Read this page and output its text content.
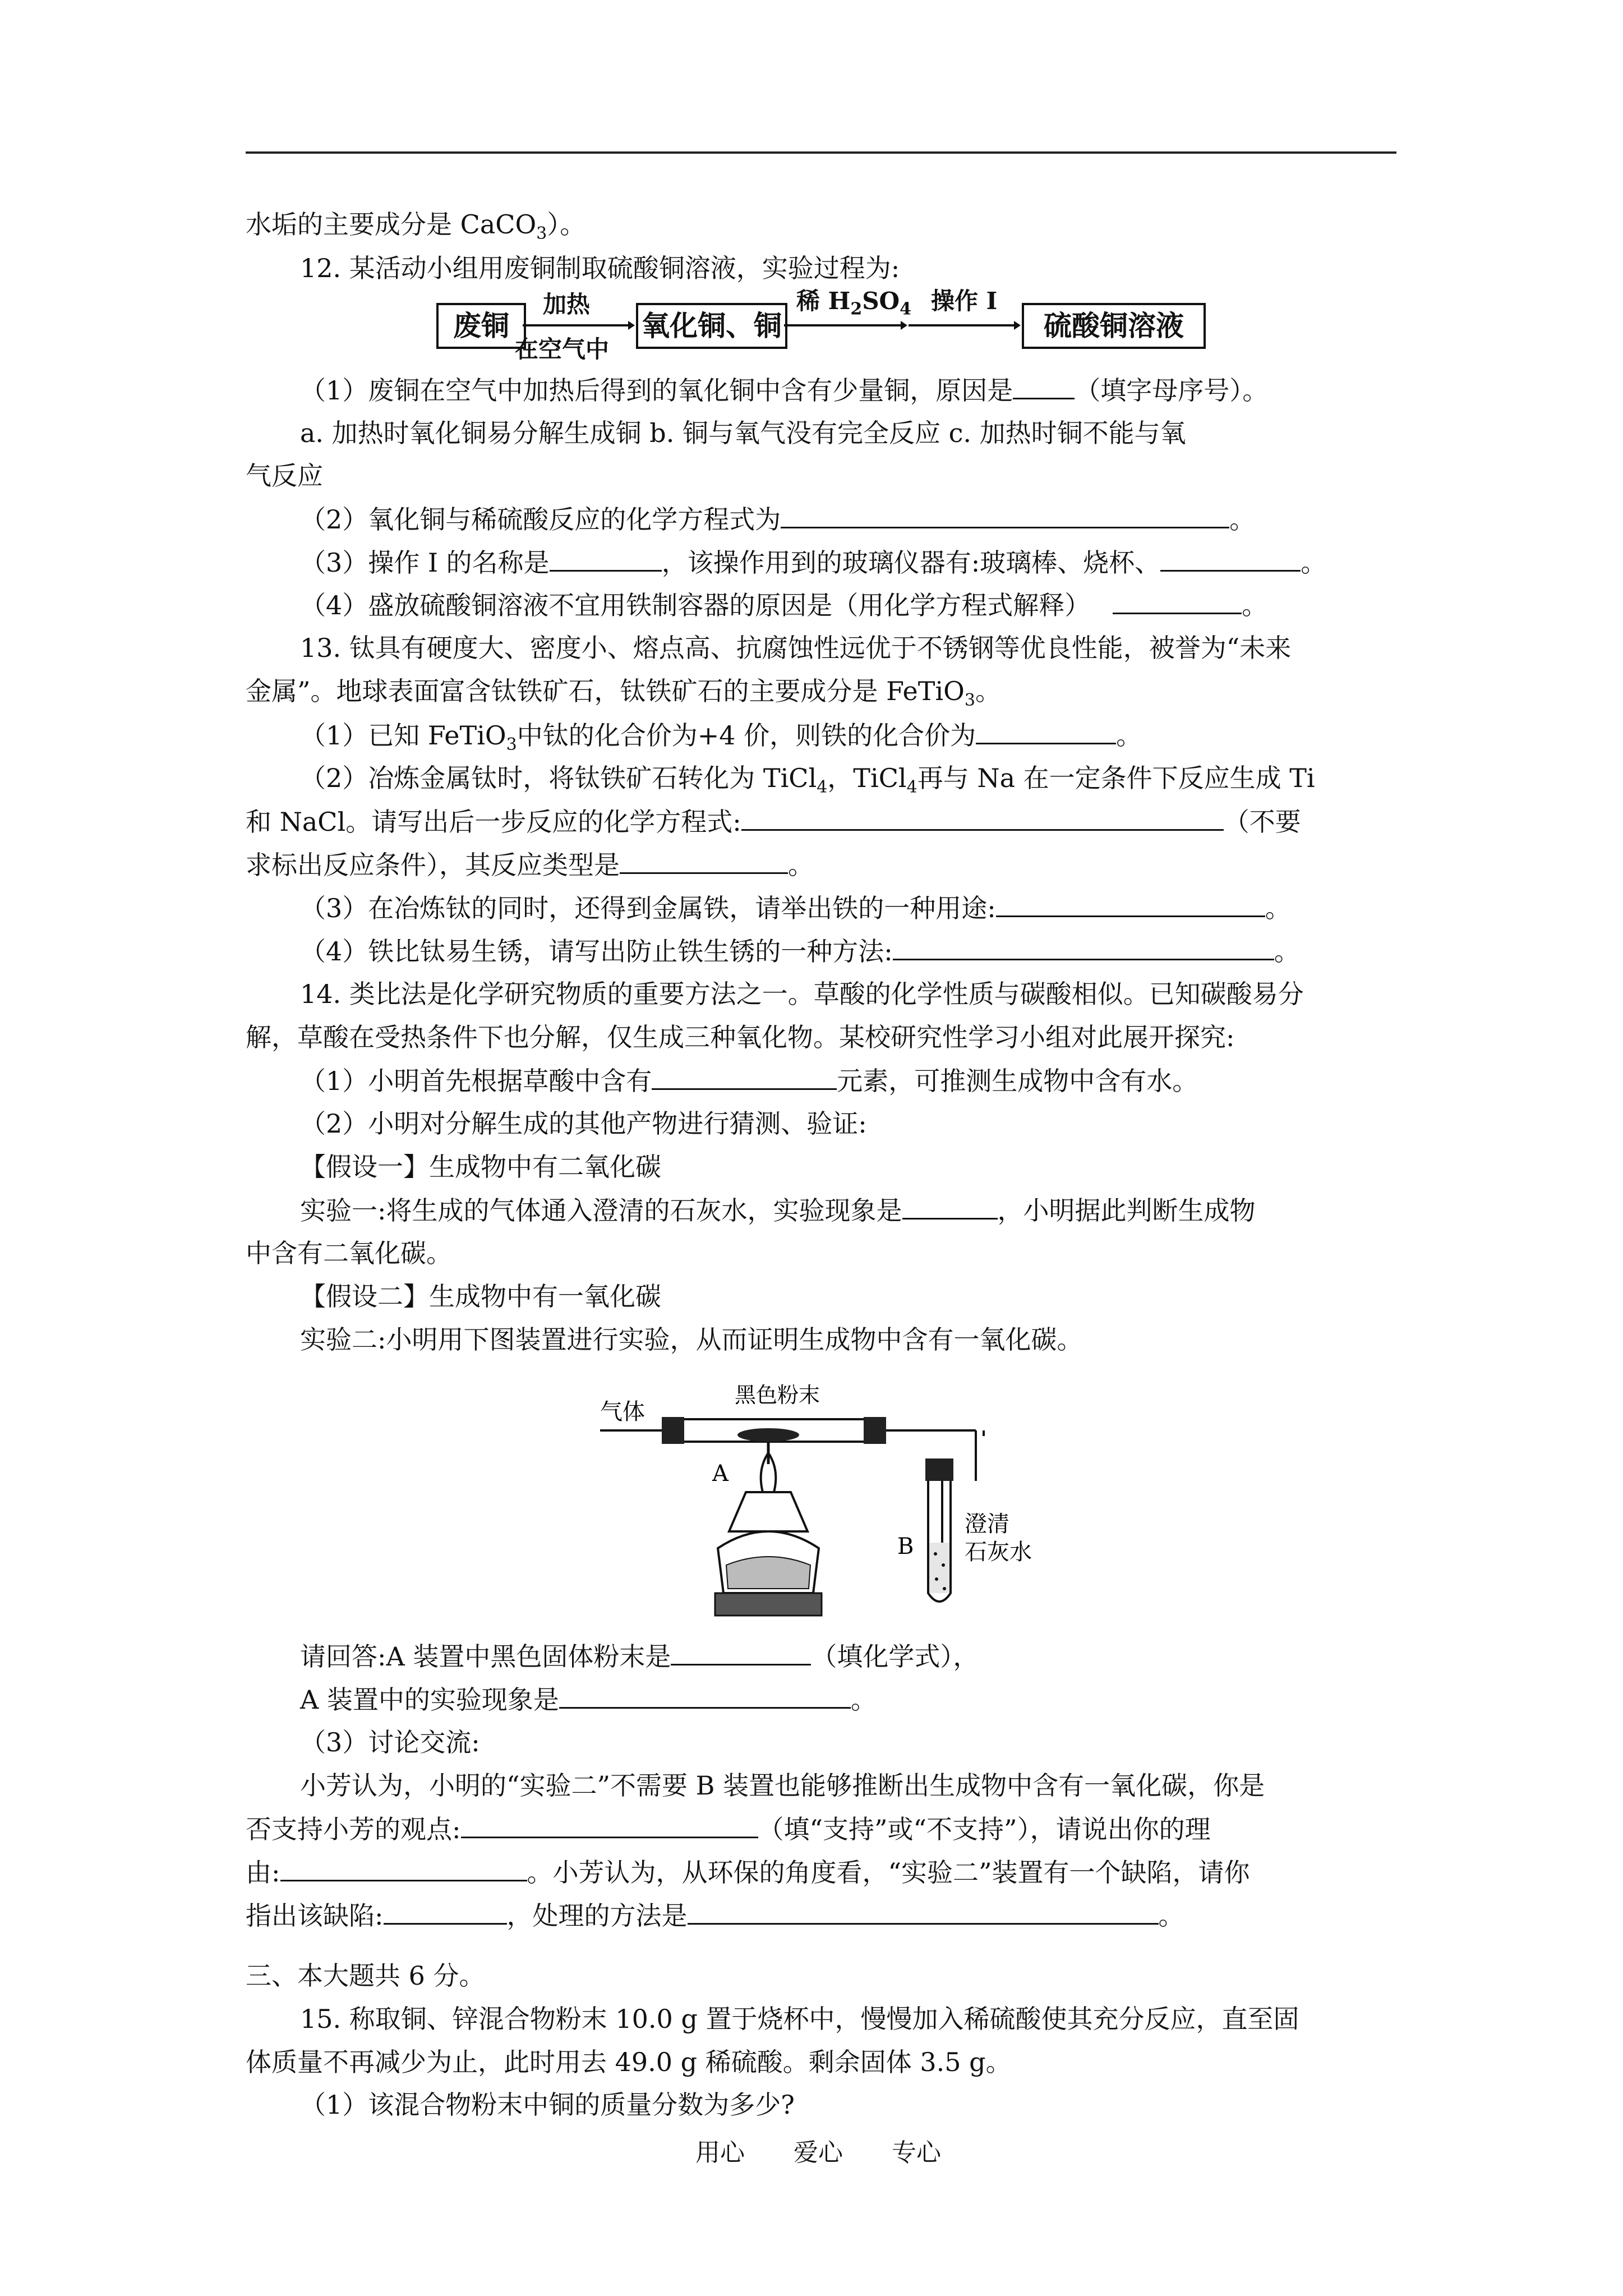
水垢的主要成分是 CaCO$_3$）。
12. 某活动小组用废铜制取硫酸铜溶液，实验过程为:
废铜
加热
在空气中
氧化铜、铜
稀 $H_2SO_4$ 操作 I
硫酸铜溶液
（1）废铜在空气中加热后得到的氧化铜中含有少量铜，原因是 （填字母序号）。
a. 加热时氧化铜易分解生成铜 b. 铜与氧气没有完全反应 c. 加热时铜不能与氧
气反应
（2）氧化铜与稀硫酸反应的化学方程式为	。
（3）操作 I 的名称是	，该操作用到的玻璃仪器有:玻璃棒、烧杯、	。
（4）盛放硫酸铜溶液不宜用铁制容器的原因是（用化学方程式解释）	。
13. 钛具有硬度大、密度小、熔点高、抗腐蚀性远优于不锈钢等优良性能，被誉为“未来
金属”。地球表面富含钛铁矿石，钛铁矿石的主要成分是 FeTiO$_3$。
（1）已知 FeTiO$_3$中钛的化合价为+4 价，则铁的化合价为	。
（2）冶炼金属钛时，将钛铁矿石转化为 TiCl$_4$，TiCl$_4$再与 Na 在一定条件下反应生成 Ti
和 NaCl。请写出后一步反应的化学方程式:	（不要
求标出反应条件），其反应类型是	。
（3）在冶炼钛的同时，还得到金属铁，请举出铁的一种用途:	。
（4）铁比钛易生锈，请写出防止铁生锈的一种方法:	。
14. 类比法是化学研究物质的重要方法之一。草酸的化学性质与碳酸相似。已知碳酸易分
解，草酸在受热条件下也分解，仅生成三种氧化物。某校研究性学习小组对此展开探究:
（1）小明首先根据草酸中含有	元素，可推测生成物中含有水。
（2）小明对分解生成的其他产物进行猜测、验证:
【假设一】生成物中有二氧化碳
实验一:将生成的气体通入澄清的石灰水，实验现象是	，小明据此判断生成物
中含有二氧化碳。
【假设二】生成物中有一氧化碳
实验二:小明用下图装置进行实验，从而证明生成物中含有一氧化碳。
气体
黑色粉末
A
B
澄清
石灰水
请回答:A 装置中黑色固体粉末是	（填化学式），
A 装置中的实验现象是	。
（3）讨论交流:
小芳认为，小明的“实验二”不需要 B 装置也能够推断出生成物中含有一氧化碳，你是
否支持小芳的观点:	（填“支持”或“不支持”），请说出你的理
由:	。小芳认为，从环保的角度看，“实验二”装置有一个缺陷，请你
指出该缺陷:	，处理的方法是	。
三、本大题共 6 分。
15. 称取铜、锌混合物粉末 10.0 g 置于烧杯中，慢慢加入稀硫酸使其充分反应，直至固
体质量不再减少为止，此时用去 49.0 g 稀硫酸。剩余固体 3.5 g。
（1）该混合物粉末中铜的质量分数为多少?
用心 爱心 专心
